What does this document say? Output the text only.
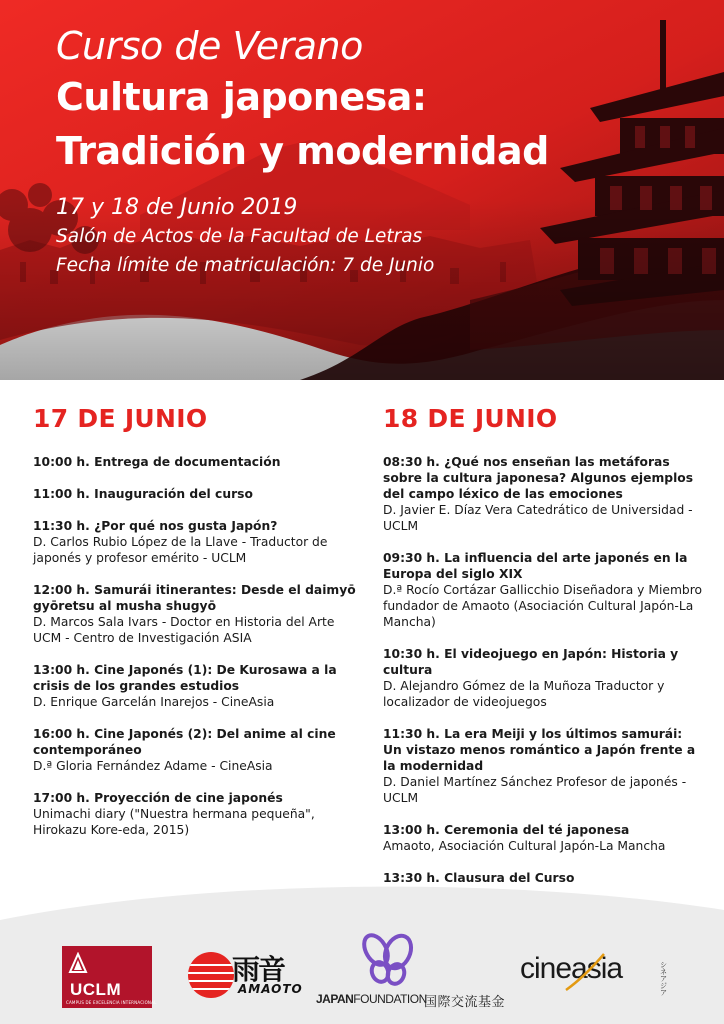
Curso de Verano
Cultura japonesa:
Tradición y modernidad
17 y 18 de Junio 2019
Salón de Actos de la Facultad de Letras
Fecha límite de matriculación: 7 de Junio
17 DE JUNIO
10:00 h. Entrega de documentación
11:00 h. Inauguración del curso
11:30 h. ¿Por qué nos gusta Japón?
D. Carlos Rubio López de la Llave - Traductor de japonés y profesor emérito - UCLM
12:00 h. Samurái itinerantes: Desde el daimyō gyōretsu al musha shugyō
D. Marcos Sala Ivars - Doctor en Historia del Arte UCM - Centro de Investigación ASIA
13:00 h. Cine Japonés (1): De Kurosawa a la crisis de los grandes estudios
D. Enrique Garcelán Inarejos - CineAsia
16:00 h. Cine Japonés (2): Del anime al cine contemporáneo
D.ª Gloria Fernández Adame - CineAsia
17:00 h. Proyección de cine japonés
Unimachi diary ("Nuestra hermana pequeña", Hirokazu Kore-eda, 2015)
18 DE JUNIO
08:30 h. ¿Qué nos enseñan las metáforas sobre la cultura japonesa? Algunos ejemplos del campo léxico de las emociones
D. Javier E. Díaz Vera Catedrático de Universidad - UCLM
09:30 h. La influencia del arte japonés en la Europa del siglo XIX
D.ª Rocío Cortázar Gallicchio Diseñadora y Miembro fundador de Amaoto (Asociación Cultural Japón-La Mancha)
10:30 h. El videojuego en Japón: Historia y cultura
D. Alejandro Gómez de la Muñoza Traductor y localizador de videojuegos
11:30 h. La era Meiji y los últimos samurái: Un vistazo menos romántico a Japón frente a la modernidad
D. Daniel Martínez Sánchez Profesor de japonés - UCLM
13:00 h. Ceremonia del té japonesa
Amaoto, Asociación Cultural Japón-La Mancha
13:30 h. Clausura del Curso
UCLM
CAMPUS DE EXCELENCIA INTERNACIONAL
雨音
AMAOTO
JAPANFOUNDATION
国際交流基金
cineasia	シネアジア
